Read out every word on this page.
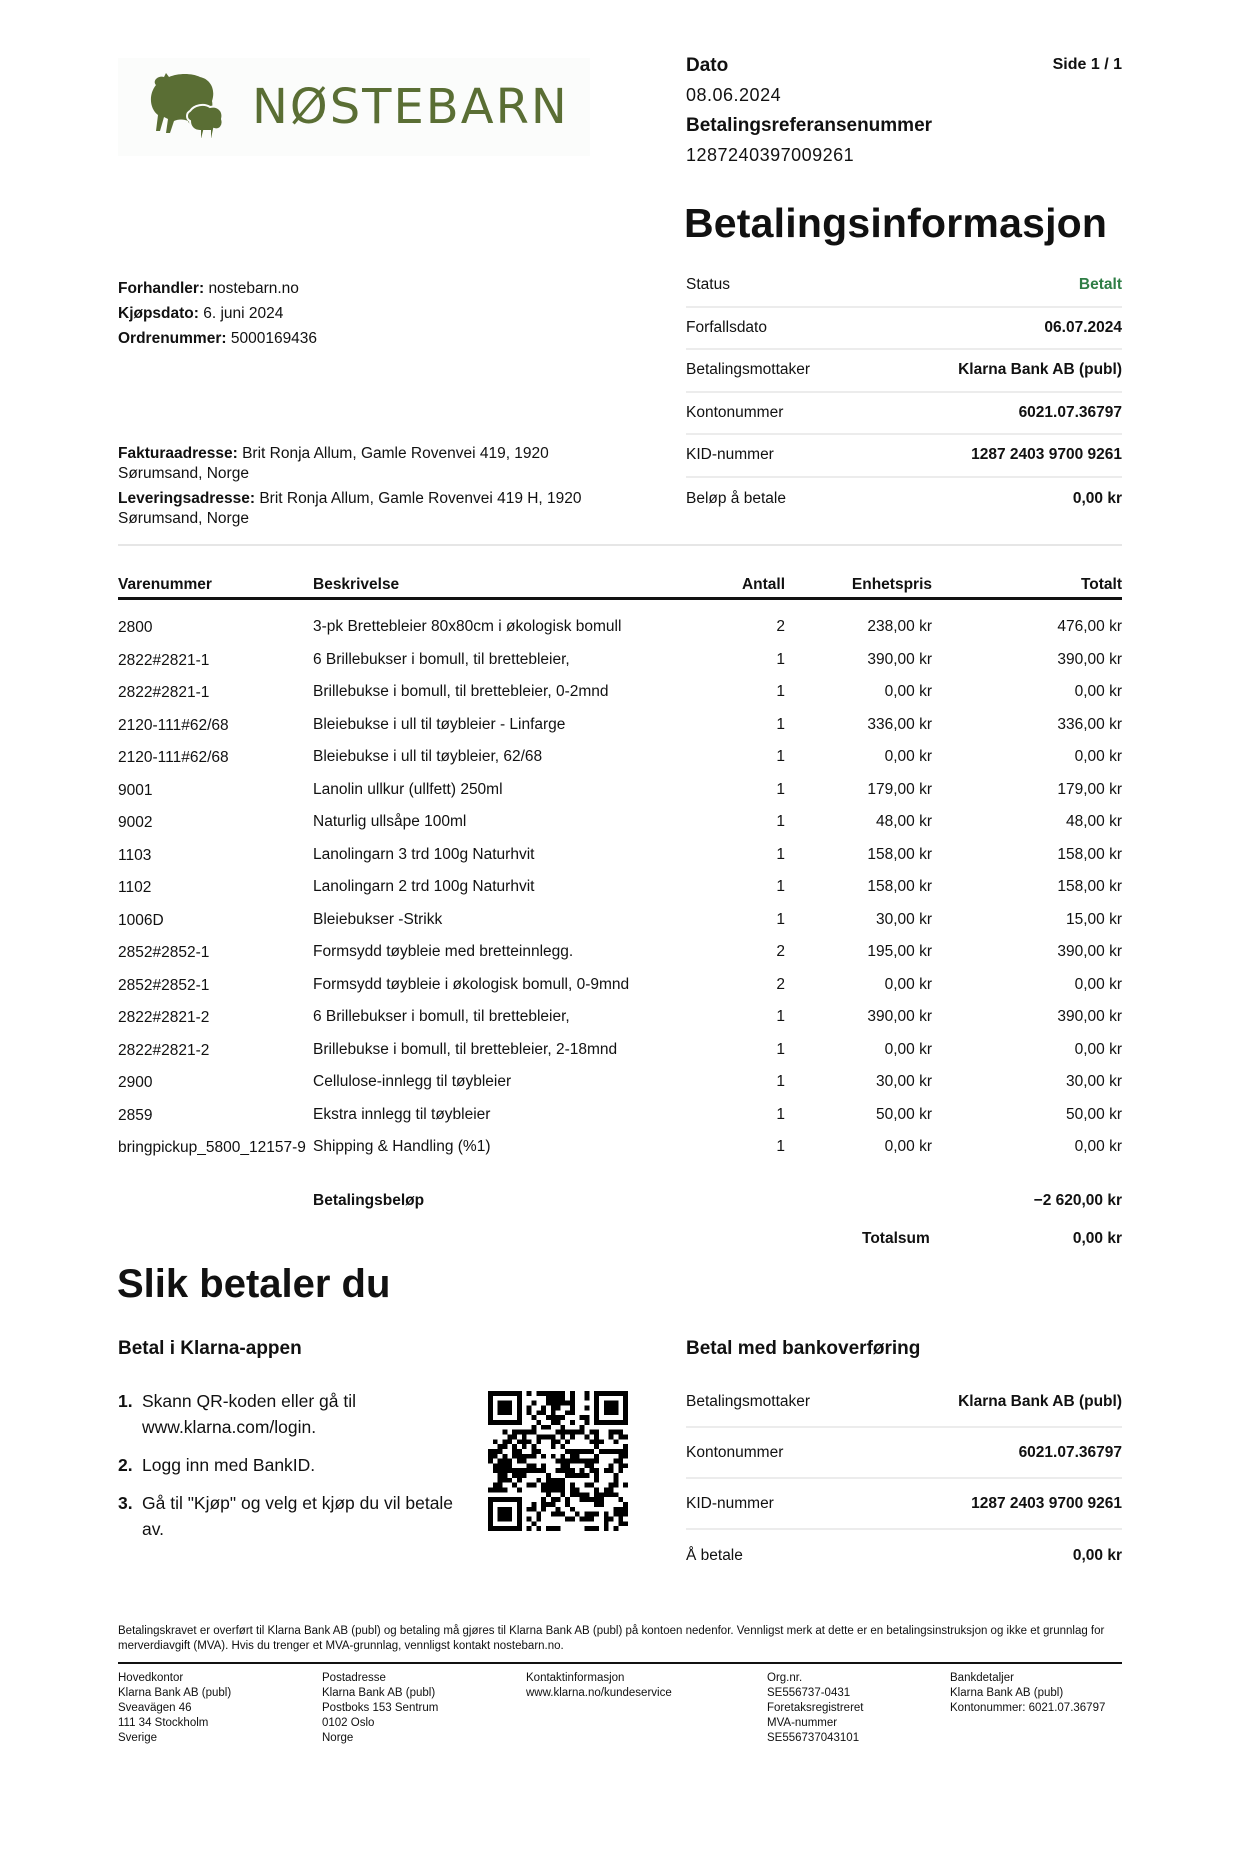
NØSTEBARN
Dato
08.06.2024
Betalingsreferansenummer
1287240397009261
Side 1 / 1
Betalingsinformasjon
Forhandler: nostebarn.no
Kjøpsdato: 6. juni 2024
Ordrenummer: 5000169436
Fakturaadresse: Brit Ronja Allum, Gamle Rovenvei 419, 1920 Sørumsand, Norge
Leveringsadresse: Brit Ronja Allum, Gamle Rovenvei 419 H, 1920 Sørumsand, Norge
Status	Betalt
Forfallsdato	06.07.2024
Betalingsmottaker	Klarna Bank AB (publ)
Kontonummer	6021.07.36797
KID-nummer	1287 2403 9700 9261
Beløp å betale	0,00 kr
Varenummer	Beskrivelse	Antall	Enhetspris	Totalt
2800	3-pk Brettebleier 80x80cm i økologisk bomull	2	238,00 kr	476,00 kr
2822#2821-1	6 Brillebukser i bomull, til brettebleier,	1	390,00 kr	390,00 kr
2822#2821-1	Brillebukse i bomull, til brettebleier, 0-2mnd	1	0,00 kr	0,00 kr
2120-111#62/68	Bleiebukse i ull til tøybleier - Linfarge	1	336,00 kr	336,00 kr
2120-111#62/68	Bleiebukse i ull til tøybleier, 62/68	1	0,00 kr	0,00 kr
9001	Lanolin ullkur (ullfett) 250ml	1	179,00 kr	179,00 kr
9002	Naturlig ullsåpe 100ml	1	48,00 kr	48,00 kr
1103	Lanolingarn 3 trd 100g Naturhvit	1	158,00 kr	158,00 kr
1102	Lanolingarn 2 trd 100g Naturhvit	1	158,00 kr	158,00 kr
1006D	Bleiebukser -Strikk	1	30,00 kr	15,00 kr
2852#2852-1	Formsydd tøybleie med bretteinnlegg.	2	195,00 kr	390,00 kr
2852#2852-1	Formsydd tøybleie i økologisk bomull, 0-9mnd	2	0,00 kr	0,00 kr
2822#2821-2	6 Brillebukser i bomull, til brettebleier,	1	390,00 kr	390,00 kr
2822#2821-2	Brillebukse i bomull, til brettebleier, 2-18mnd	1	0,00 kr	0,00 kr
2900	Cellulose-innlegg til tøybleier	1	30,00 kr	30,00 kr
2859	Ekstra innlegg til tøybleier	1	50,00 kr	50,00 kr
bringpickup_5800_12157-9 Shipping & Handling (%1)	1	0,00 kr	0,00 kr
Betalingsbeløp	−2 620,00 kr
Totalsum	0,00 kr
Slik betaler du
Betal i Klarna-appen	Betal med bankoverføring
1. Skann QR-koden eller gå til www.klarna.com/login.
2. Logg inn med BankID.
3. Gå til "Kjøp" og velg et kjøp du vil betale av.
Betalingsmottaker	Klarna Bank AB (publ)
Kontonummer	6021.07.36797
KID-nummer	1287 2403 9700 9261
Å betale	0,00 kr
Betalingskravet er overført til Klarna Bank AB (publ) og betaling må gjøres til Klarna Bank AB (publ) på kontoen nedenfor. Vennligst merk at dette er en betalingsinstruksjon og ikke et grunnlag for merverdiavgift (MVA). Hvis du trenger et MVA-grunnlag, vennligst kontakt nostebarn.no.
Hovedkontor
Klarna Bank AB (publ)
Sveavägen 46
111 34 Stockholm
Sverige
Postadresse
Klarna Bank AB (publ)
Postboks 153 Sentrum
0102 Oslo
Norge
Kontaktinformasjon
www.klarna.no/kundeservice
Org.nr.
SE556737-0431
Foretaksregistreret
MVA-nummer
SE556737043101
Bankdetaljer
Klarna Bank AB (publ)
Kontonummer: 6021.07.36797
